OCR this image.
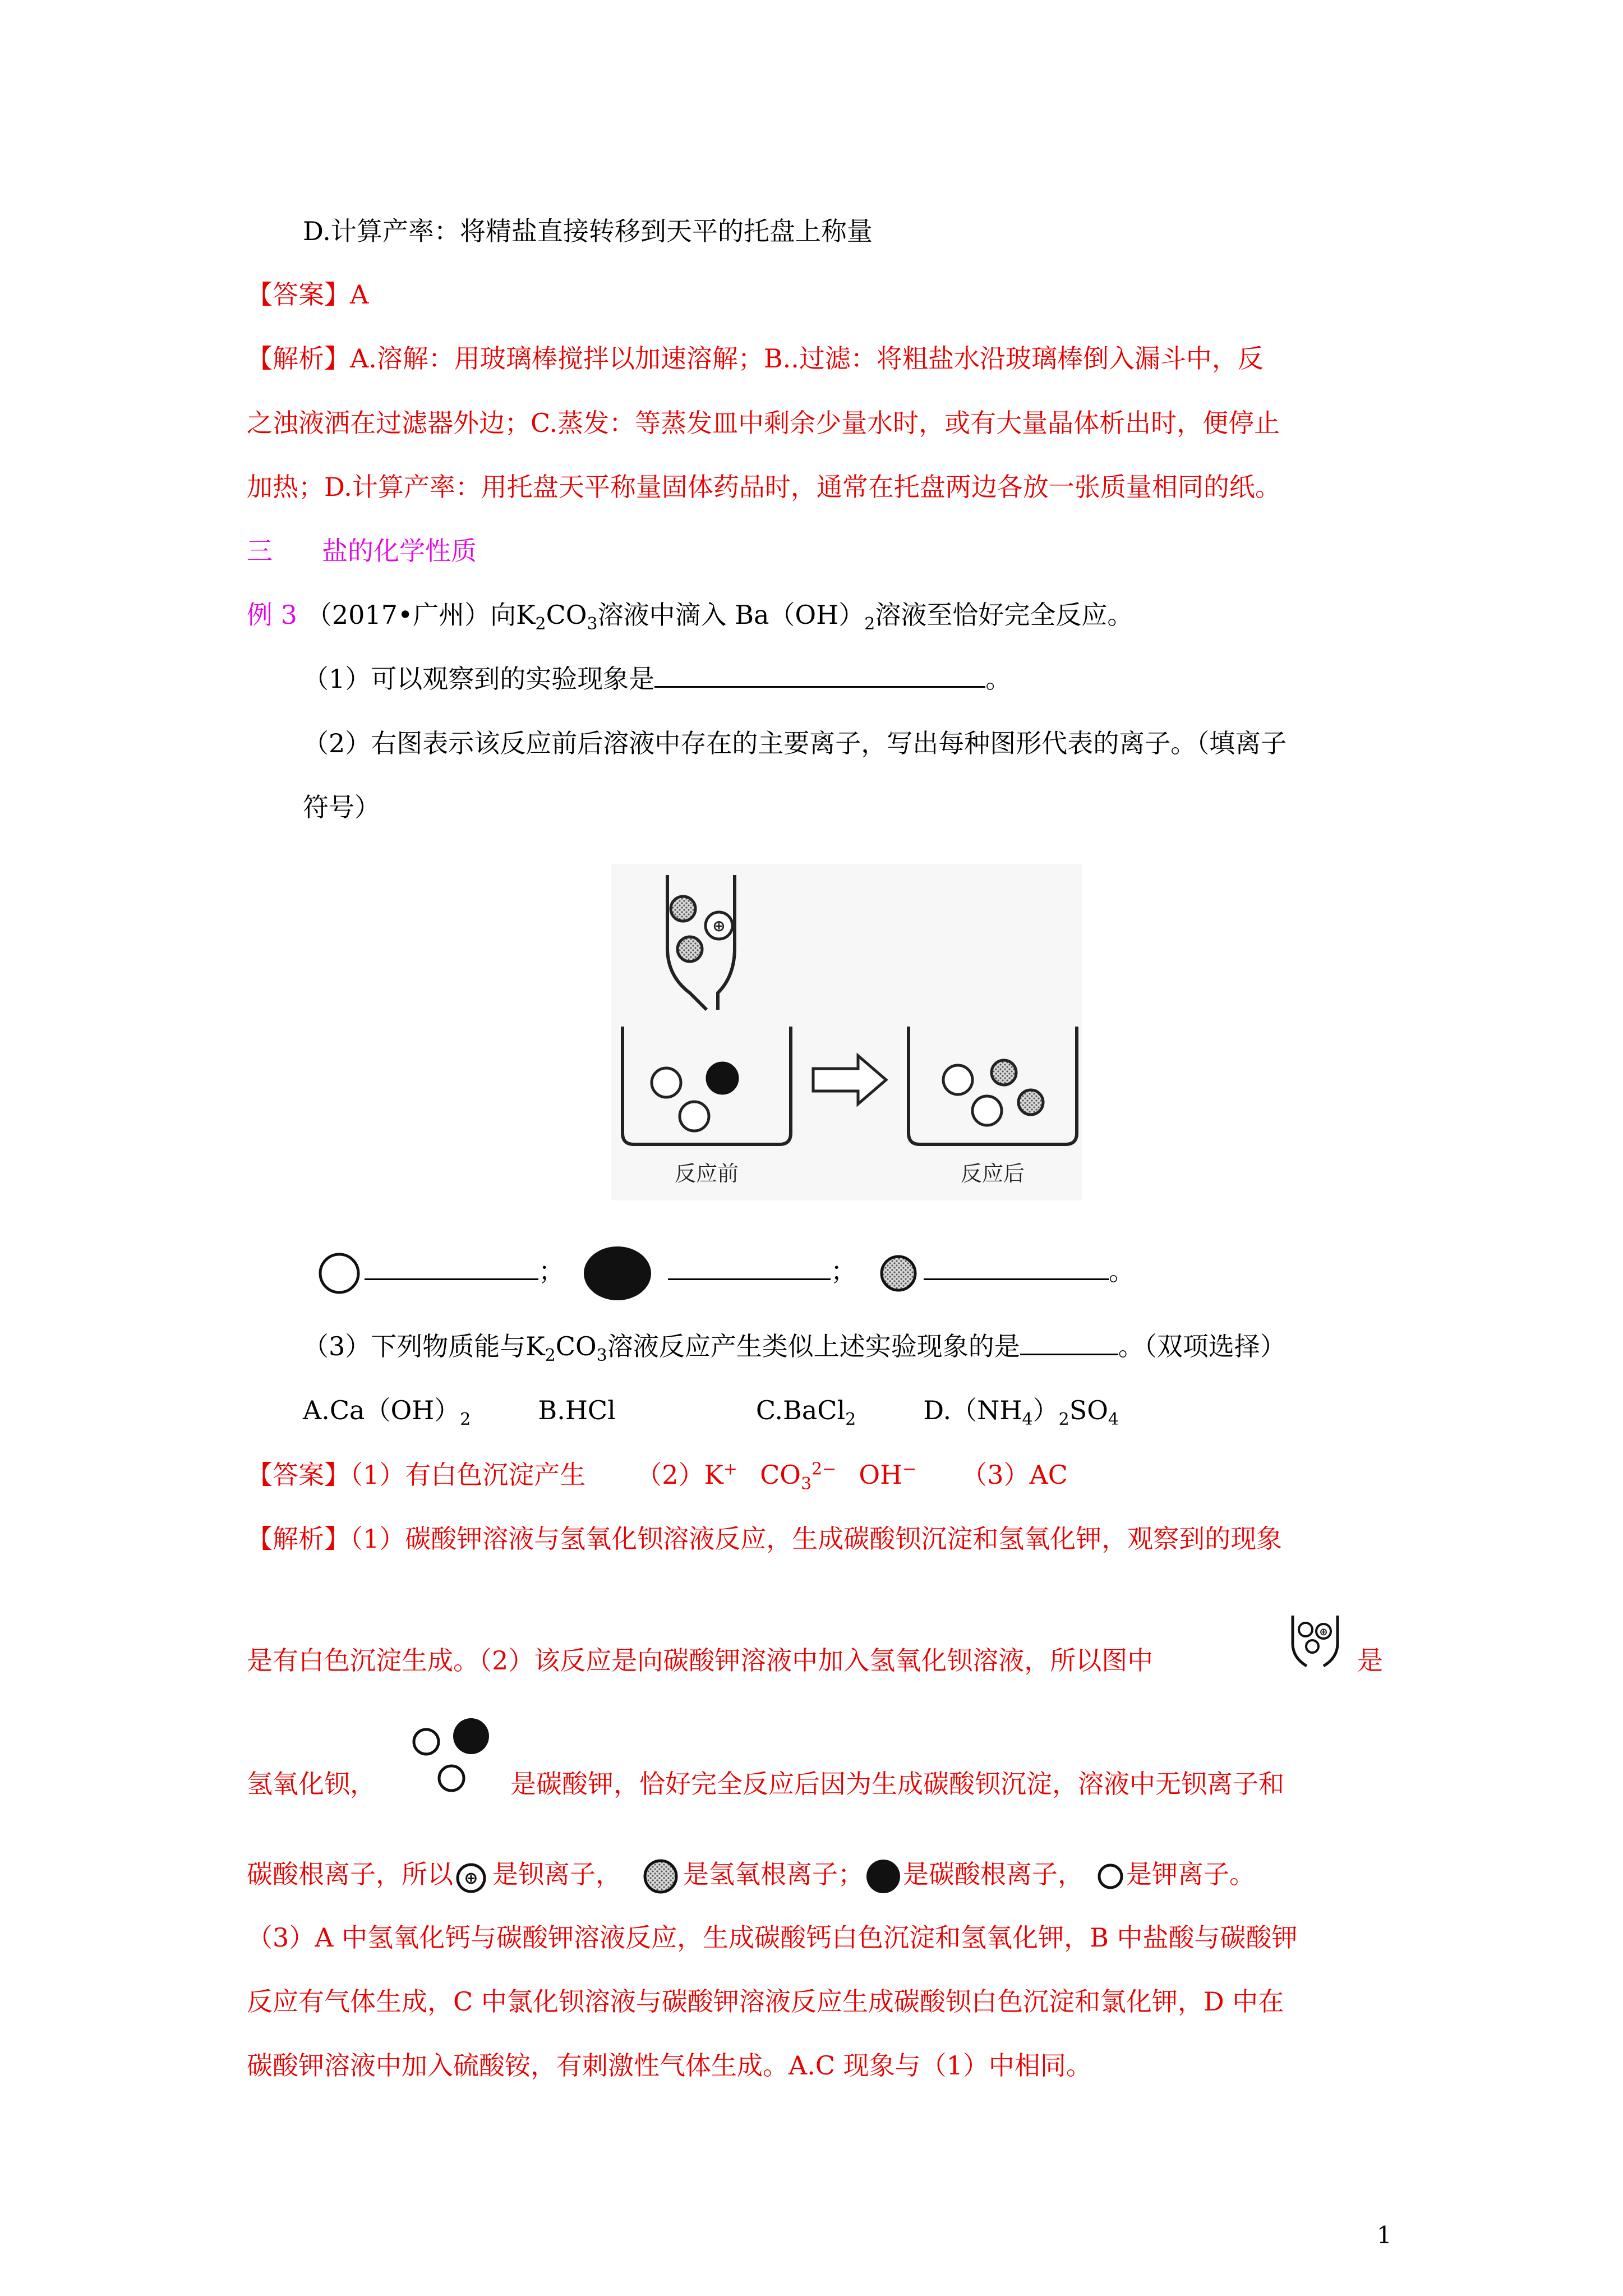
D.计算产率：将精盐直接转移到天平的托盘上称量
【答案】A
【解析】A.溶解：用玻璃棒搅拌以加速溶解；B..过滤：将粗盐水沿玻璃棒倒入漏斗中，反
之浊液洒在过滤器外边；C.蒸发：等蒸发皿中剩余少量水时，或有大量晶体析出时，便停止
加热；D.计算产率：用托盘天平称量固体药品时，通常在托盘两边各放一张质量相同的纸。
三 盐的化学性质
例 3 （2017•广州）向$K_2CO_3$溶液中滴入 $Ba(OH)_2$溶液至恰好完全反应。
（1）可以观察到的实验现象是	。
（2）右图表示该反应前后溶液中存在的主要离子，写出每种图形代表的离子。（填离子
符号）
⊕
反应前	反应后
；	；	。
（3）下列物质能与$K_2CO_3$溶液反应产生类似上述实验现象的是	。（双项选择）
$A.Ca(OH)_2$	B.HCl	C.BaCl$_2$	$D.(NH_4)_2SO_4$
【答案】（1）有白色沉淀产生 （2）K+ $CO_3^{2-}$ OH− （3）AC
【解析】（1）碳酸钾溶液与氢氧化钡溶液反应，生成碳酸钡沉淀和氢氧化钾，观察到的现象
是有白色沉淀生成。（2）该反应是向碳酸钾溶液中加入氢氧化钡溶液，所以图中
⊕
是
氢氧化钡，	是碳酸钾，恰好完全反应后因为生成碳酸钡沉淀，溶液中无钡离子和
碳酸根离子，所以 ⊕ 是钡离子， 是氢氧根离子； 是碳酸根离子， 是钾离子。
（3）A 中氢氧化钙与碳酸钾溶液反应，生成碳酸钙白色沉淀和氢氧化钾，B 中盐酸与碳酸钾
反应有气体生成，C 中氯化钡溶液与碳酸钾溶液反应生成碳酸钡白色沉淀和氯化钾，D 中在
碳酸钾溶液中加入硫酸铵，有刺激性气体生成。A.C 现象与（1）中相同。
1
